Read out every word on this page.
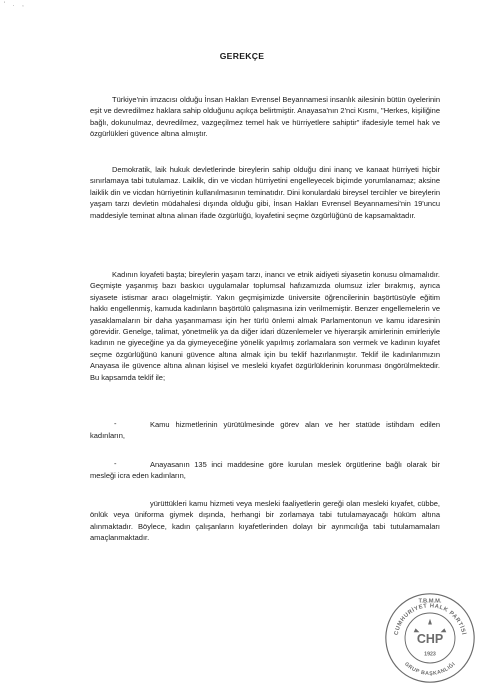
' . ,
GEREKÇE

Türkiye'nin imzacısı olduğu İnsan Hakları Evrensel Beyannamesi insanlık ailesinin bütün üyelerinin eşit ve devredilmez haklara sahip olduğunu açıkça belirtmiştir. Anayasa'nın 2'nci Kısmı, "Herkes, kişiliğine bağlı, dokunulmaz, devredilmez, vazgeçilmez temel hak ve hürriyetlere sahiptir" ifadesiyle temel hak ve özgürlükleri güvence altına almıştır.

Demokratik, laik hukuk devletlerinde bireylerin sahip olduğu dini inanç ve kanaat hürriyeti hiçbir sınırlamaya tabi tutulamaz. Laiklik, din ve vicdan hürriyetini engelleyecek biçimde yorumlanamaz; aksine laiklik din ve vicdan hürriyetinin kullanılmasının teminatıdır. Dini konulardaki bireysel tercihler ve bireylerin yaşam tarzı devletin müdahalesi dışında olduğu gibi, İnsan Hakları Evrensel Beyannamesi'nin 19'uncu maddesiyle teminat altına alınan ifade özgürlüğü, kıyafetini seçme özgürlüğünü de kapsamaktadır.

Kadının kıyafeti başta; bireylerin yaşam tarzı, inancı ve etnik aidiyeti siyasetin konusu olmamalıdır. Geçmişte yaşanmış bazı baskıcı uygulamalar toplumsal hafızamızda olumsuz izler bırakmış, ayrıca siyasete istismar aracı olagelmiştir. Yakın geçmişimizde üniversite öğrencilerinin başörtüsüyle eğitim hakkı engellenmiş, kamuda kadınların başörtülü çalışmasına izin verilmemiştir. Benzer engellemelerin ve yasaklamaların bir daha yaşanmaması için her türlü önlemi almak Parlamentonun ve kamu idaresinin görevidir. Genelge, talimat, yönetmelik ya da diğer idari düzenlemeler ve hiyerarşik amirlerinin emirleriyle kadının ne giyeceğine ya da giymeyeceğine yönelik yapılmış zorlamalara son vermek ve kadının kıyafet seçme özgürlüğünü kanuni güvence altına almak için bu teklif hazırlanmıştır. Teklif ile kadınlarımızın Anayasa ile güvence altına alınan kişisel ve mesleki kıyafet özgürlüklerinin korunması öngörülmektedir. Bu kapsamda teklif ile;

-	Kamu hizmetlerinin yürütülmesinde görev alan ve her statüde istihdam edilen kadınların,

-	Anayasanın 135 inci maddesine göre kurulan meslek örgütlerine bağlı olarak bir mesleği icra eden kadınların,

yürüttükleri kamu hizmeti veya mesleki faaliyetlerin gereği olan mesleki kıyafet, cübbe, önlük veya üniforma giymek dışında, herhangi bir zorlamaya tabi tutulamayacağı hüküm altına alınmaktadır. Böylece, kadın çalışanların kıyafetlerinden dolayı bir ayrımcılığa tabi tutulamamaları amaçlanmaktadır.

T.B.M.M.
CUMHURİYET HALK PARTİSİ
GRUP BAŞKANLIĞI
CHP
1923
